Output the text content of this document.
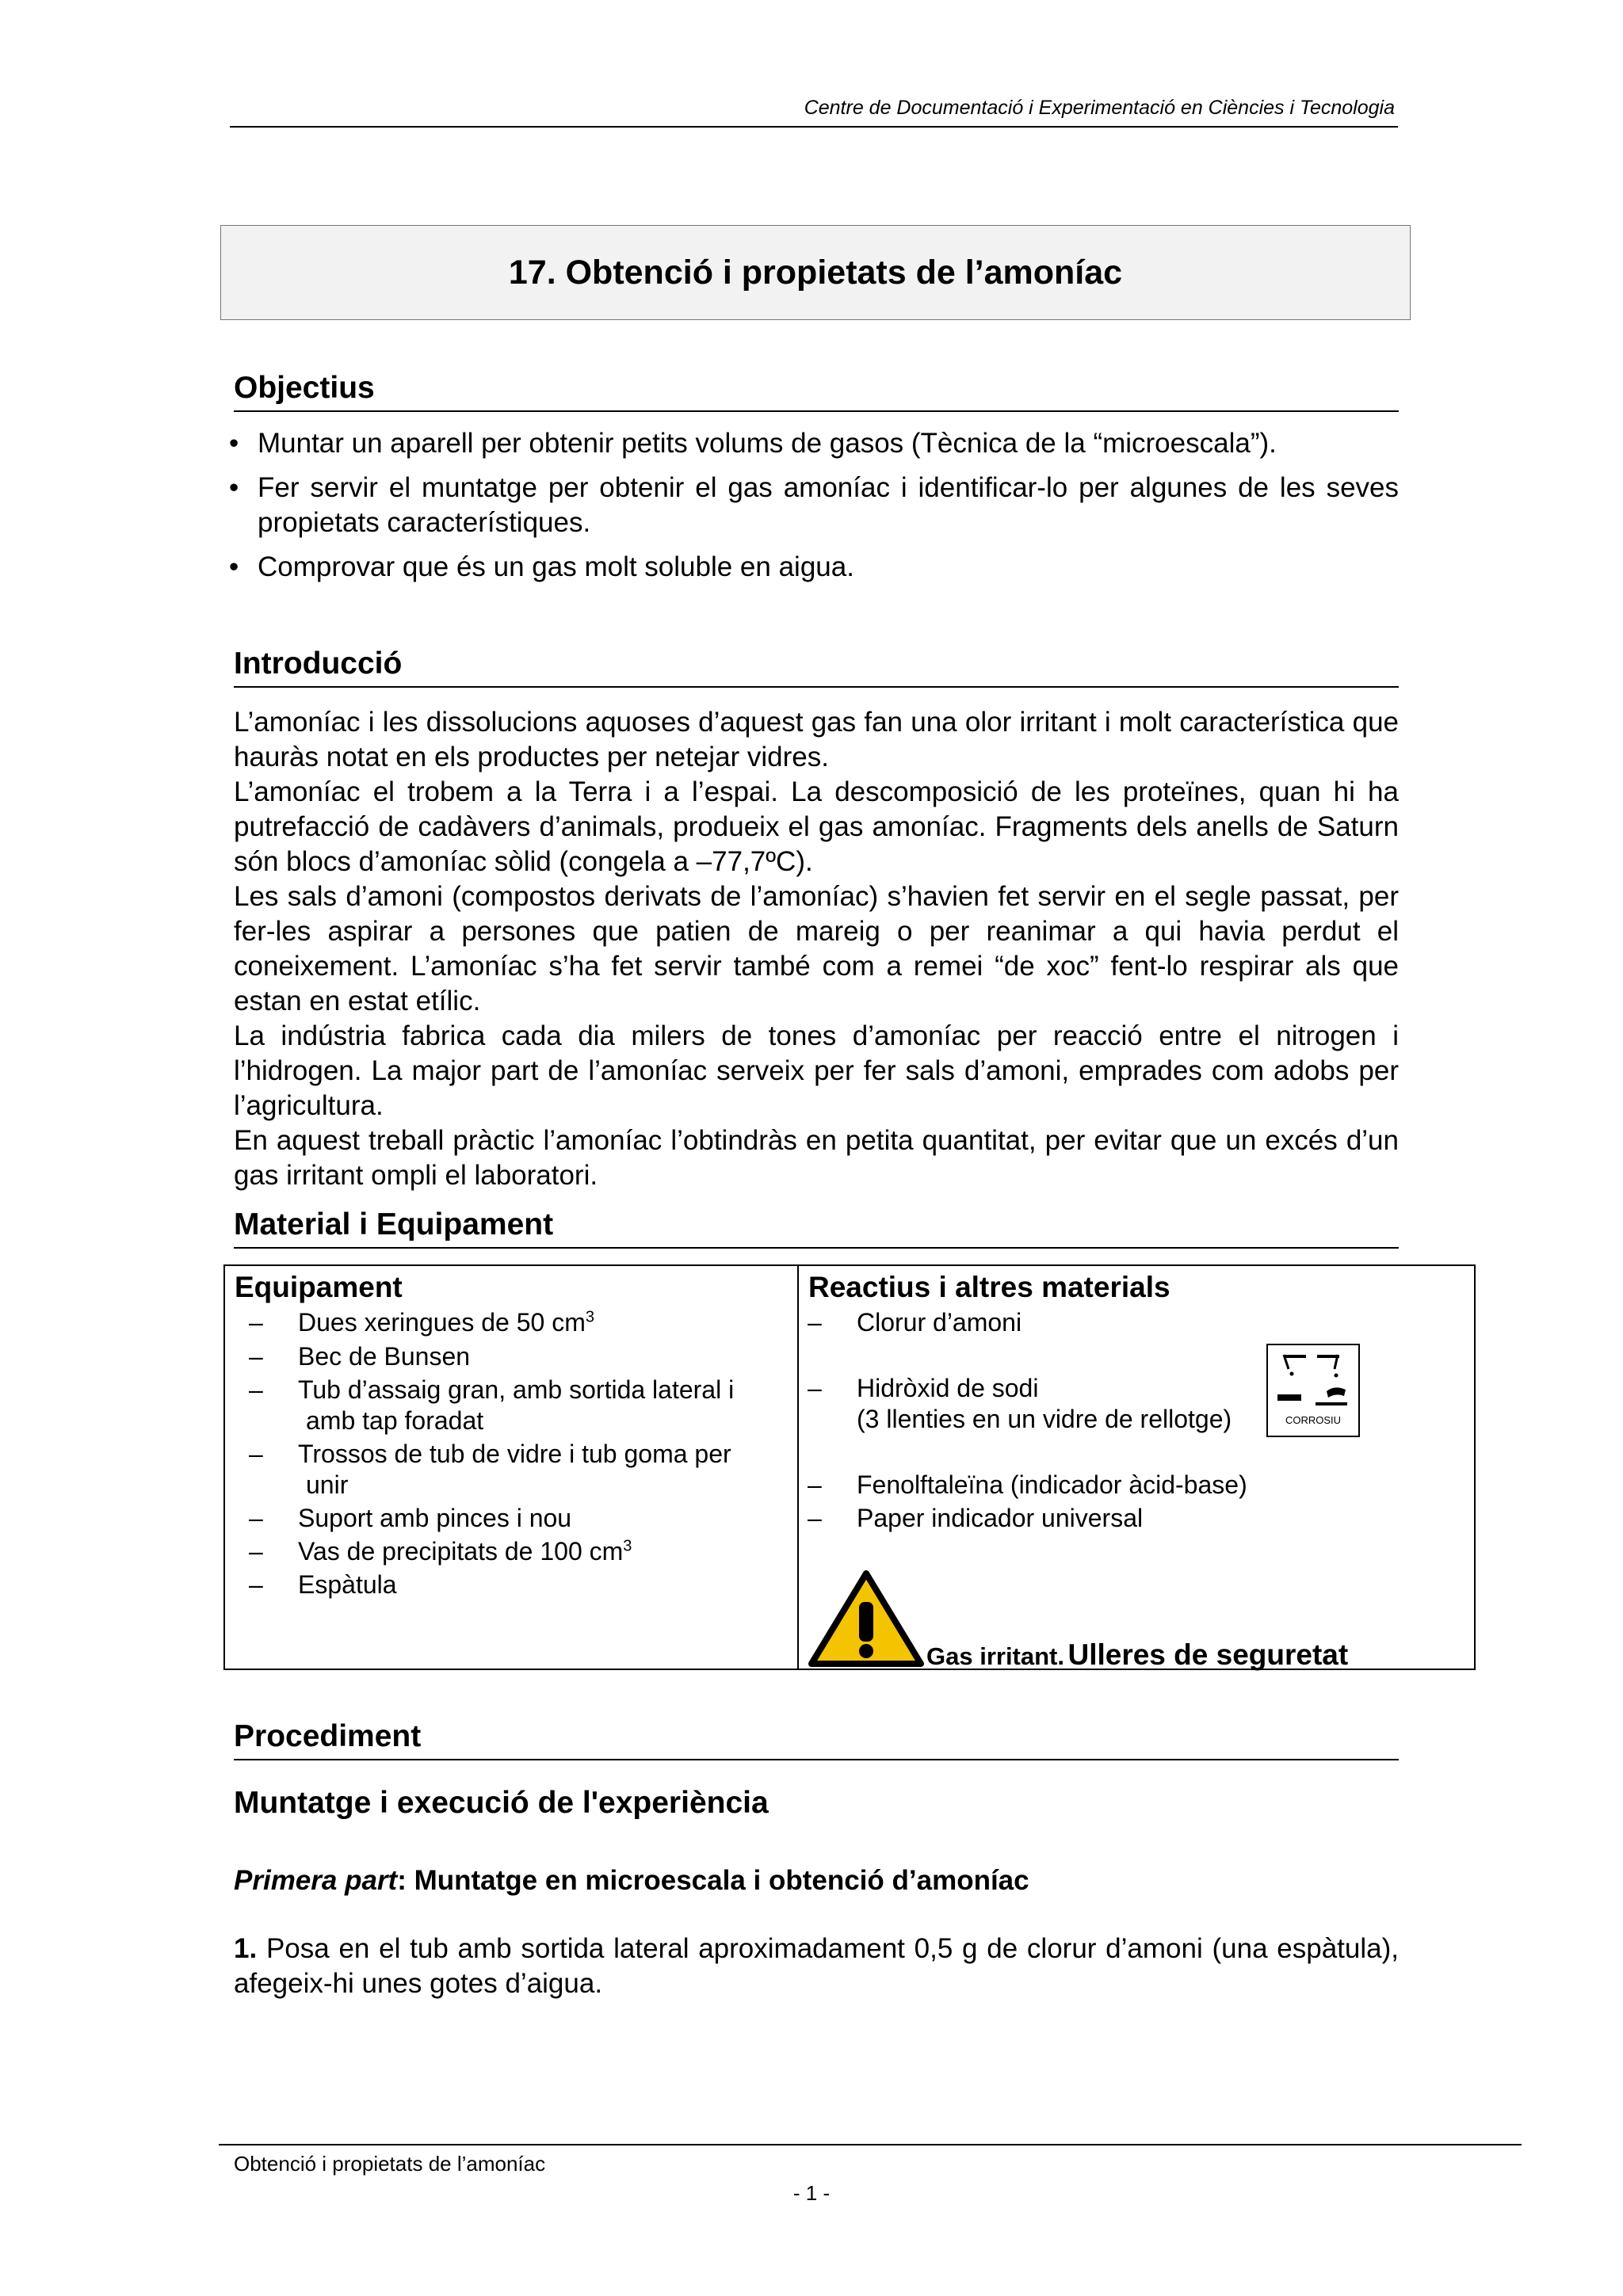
Centre de Documentació i Experimentació en Ciències i Tecnologia
17. Obtenció i propietats de l’amoníac
Objectius
• Muntar un aparell per obtenir petits volums de gasos (Tècnica de la “microescala”).
• Fer servir el muntatge per obtenir el gas amoníac i identificar-lo per algunes de les seves propietats característiques.
• Comprovar que és un gas molt soluble en aigua.
Introducció

L’amoníac i les dissolucions aquoses d’aquest gas fan una olor irritant i molt característica que hauràs notat en els productes per netejar vidres.

L’amoníac el trobem a la Terra i a l’espai. La descomposició de les proteïnes, quan hi ha putrefacció de cadàvers d’animals, produeix el gas amoníac. Fragments dels anells de Saturn són blocs d’amoníac sòlid (congela a –77,7ºC).

Les sals d’amoni (compostos derivats de l’amoníac) s’havien fet servir en el segle passat, per fer-les aspirar a persones que patien de mareig o per reanimar a qui havia perdut el coneixement. L’amoníac s’ha fet servir també com a remei “de xoc” fent-lo respirar als que estan en estat etílic.

La indústria fabrica cada dia milers de tones d’amoníac per reacció entre el nitrogen i l’hidrogen. La major part de l’amoníac serveix per fer sals d’amoni, emprades com adobs per l’agricultura.

En aquest treball pràctic l’amoníac l’obtindràs en petita quantitat, per evitar que un excés d’un gas irritant ompli el laboratori.

Material i Equipament
Equipament
– Dues xeringues de 50 $cm^3$
– Bec de Bunsen
– Tub d’assaig gran, amb sortida lateral i
amb tap foradat
– Trossos de tub de vidre i tub goma per
unir
– Suport amb pinces i nou
– Vas de precipitats de 100 $cm^3$
– Espàtula
Reactius i altres materials
– Clorur d’amoni
– Hidròxid de sodi
(3 llenties en un vidre de rellotge)	CORROSIU
– Fenolftaleïna (indicador àcid-base)
– Paper indicador universal
Gas irritant. Ulleres de seguretat
Procediment
Muntatge i execució de l'experiència
Primera part: Muntatge en microescala i obtenció d’amoníac

1. Posa en el tub amb sortida lateral aproximadament 0,5 g de clorur d’amoni (una espàtula), afegeix-hi unes gotes d’aigua.

Obtenció i propietats de l’amoníac
- 1 -
